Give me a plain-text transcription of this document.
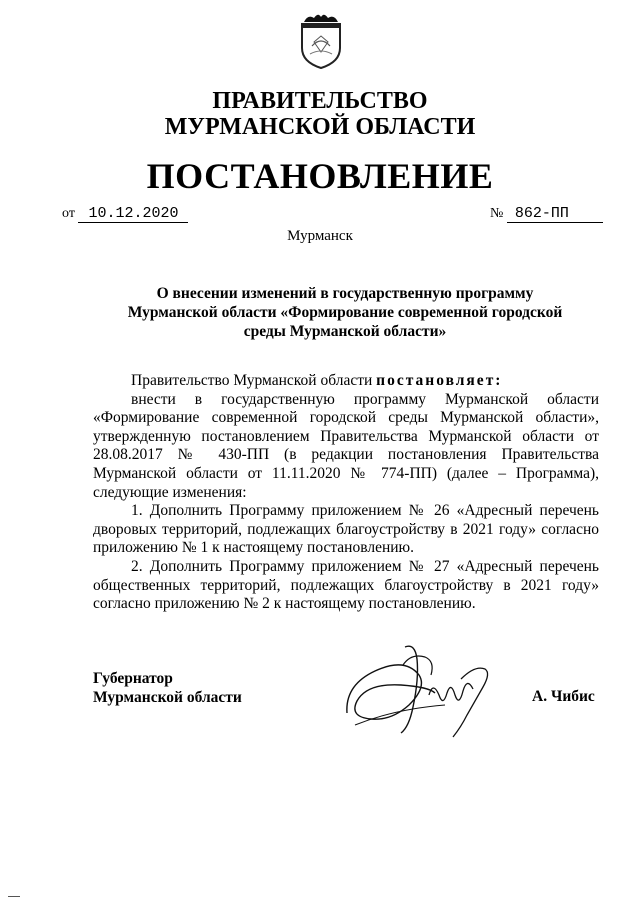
ПРАВИТЕЛЬСТВО
МУРМАНСКОЙ ОБЛАСТИ
ПОСТАНОВЛЕНИЕ
от 10.12.2020	№ 862-ПП
Мурманск
О внесении изменений в государственную программу
Мурманской области «Формирование современной городской
среды Мурманской области»

Правительство Мурманской области постановляет:

внести в государственную программу Мурманской области «Формирование современной городской среды Мурманской области», утвержденную постановлением Правительства Мурманской области от 28.08.2017 № 430-ПП (в редакции постановления Правительства Мурманской области от 11.11.2020 № 774-ПП) (далее – Программа), следующие изменения:

1. Дополнить Программу приложением № 26 «Адресный перечень дворовых территорий, подлежащих благоустройству в 2021 году» согласно приложению № 1 к настоящему постановлению.

2. Дополнить Программу приложением № 27 «Адресный перечень общественных территорий, подлежащих благоустройству в 2021 году» согласно приложению № 2 к настоящему постановлению.

Губернатор
Мурманской области	А. Чибис
